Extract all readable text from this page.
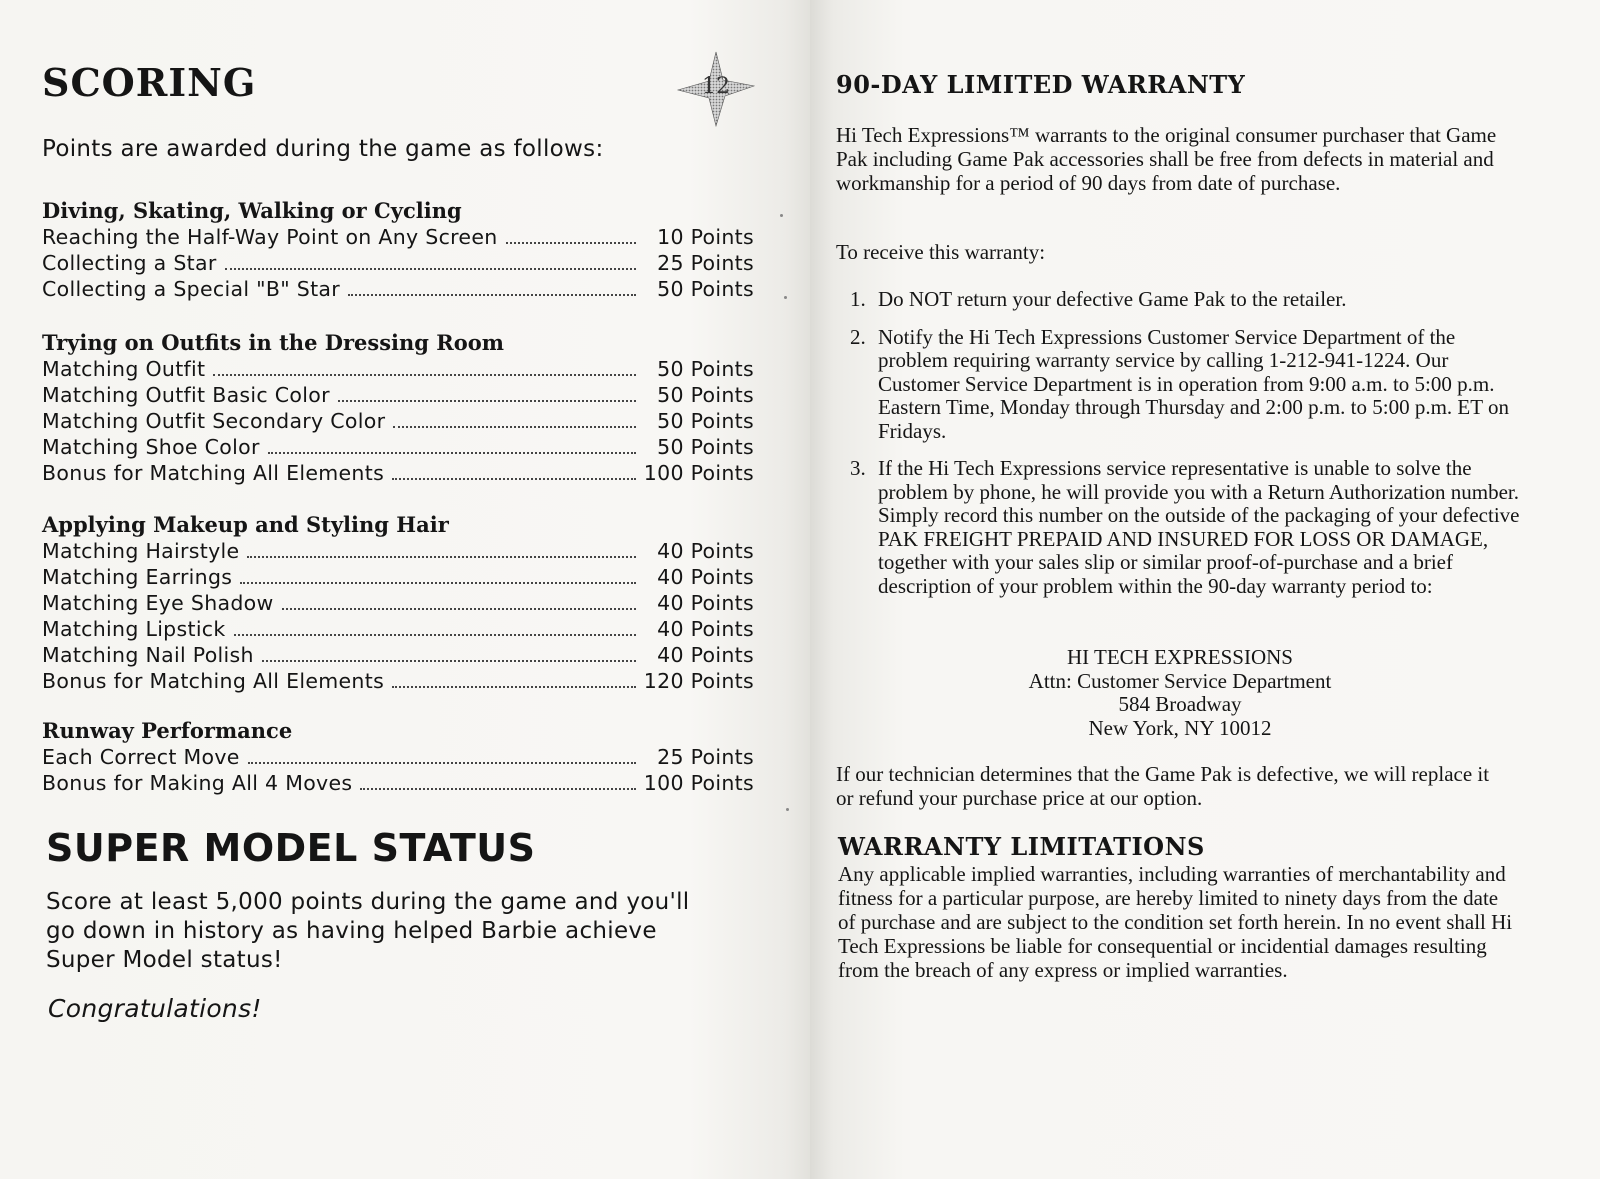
SCORING	12

Points are awarded during the game as follows:

Diving, Skating, Walking or Cycling
Reaching the Half-Way Point on Any Screen	10 Points
Collecting a Star	25 Points
Collecting a Special "B" Star	50 Points
Trying on Outfits in the Dressing Room
Matching Outfit	50 Points
Matching Outfit Basic Color	50 Points
Matching Outfit Secondary Color	50 Points
Matching Shoe Color	50 Points
Bonus for Matching All Elements	100 Points
Applying Makeup and Styling Hair
Matching Hairstyle	40 Points
Matching Earrings	40 Points
Matching Eye Shadow	40 Points
Matching Lipstick	40 Points
Matching Nail Polish	40 Points
Bonus for Matching All Elements	120 Points
Runway Performance
Each Correct Move	25 Points
Bonus for Making All 4 Moves	100 Points
SUPER MODEL STATUS

Score at least 5,000 points during the game and you'll go down in history as having helped Barbie achieve Super Model status!

Congratulations!

90-DAY LIMITED WARRANTY

Hi Tech Expressions™ warrants to the original consumer purchaser that Game Pak including Game Pak accessories shall be free from defects in material and workmanship for a period of 90 days from date of purchase.

To receive this warranty:

1. Do NOT return your defective Game Pak to the retailer.
2. Notify the Hi Tech Expressions Customer Service Department of the problem requiring warranty service by calling 1-212-941-1224. Our Customer Service Department is in operation from 9:00 a.m. to 5:00 p.m. Eastern Time, Monday through Thursday and 2:00 p.m. to 5:00 p.m. ET on Fridays.
3. If the Hi Tech Expressions service representative is unable to solve the problem by phone, he will provide you with a Return Authorization number. Simply record this number on the outside of the packaging of your defective PAK FREIGHT PREPAID AND INSURED FOR LOSS OR DAMAGE, together with your sales slip or similar proof-of-purchase and a brief description of your problem within the 90-day warranty period to:
HI TECH EXPRESSIONS
Attn: Customer Service Department
584 Broadway
New York, NY 10012

If our technician determines that the Game Pak is defective, we will replace it or refund your purchase price at our option.

WARRANTY LIMITATIONS

Any applicable implied warranties, including warranties of merchantability and fitness for a particular purpose, are hereby limited to ninety days from the date of purchase and are subject to the condition set forth herein. In no event shall Hi Tech Expressions be liable for consequential or incidential damages resulting from the breach of any express or implied warranties.
